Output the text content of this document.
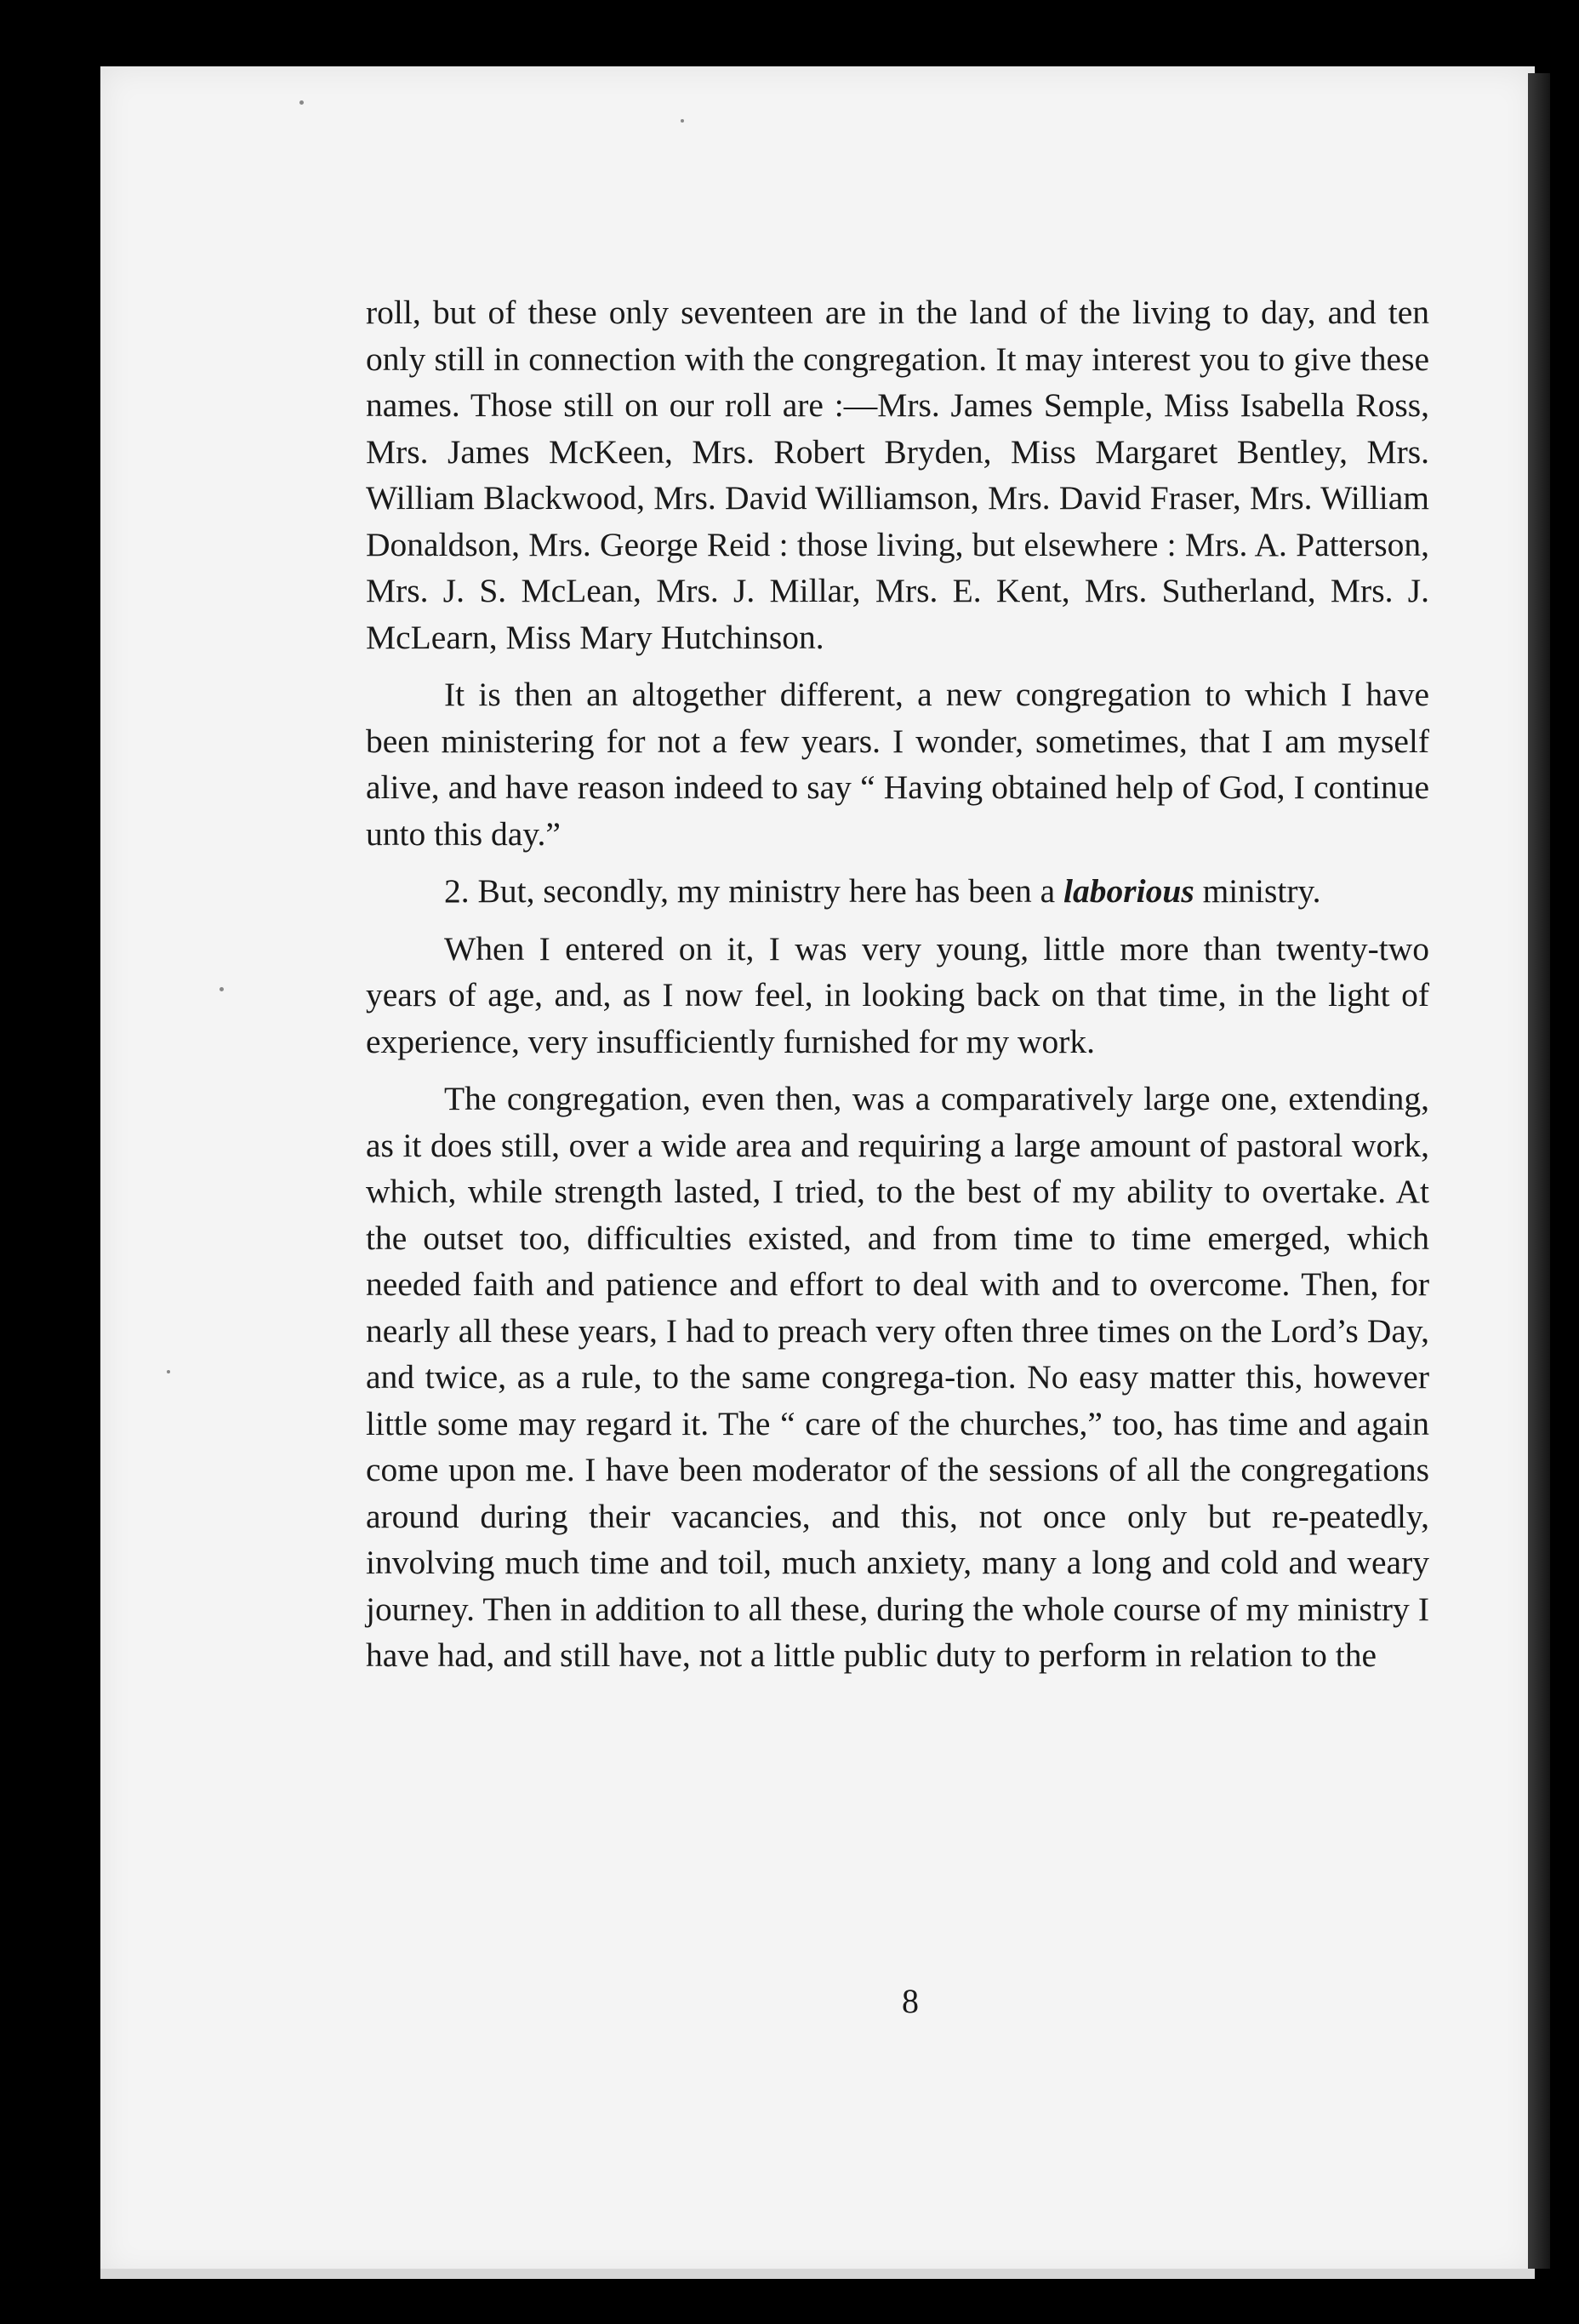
roll, but of these only seventeen are in the land of the living to day, and ten only still in connection with the congregation. It may interest you to give these names. Those still on our roll are :—Mrs. James Semple, Miss Isabella Ross, Mrs. James McKeen, Mrs. Robert Bryden, Miss Margaret Bentley, Mrs. William Blackwood, Mrs. David Williamson, Mrs. David Fraser, Mrs. William Donaldson, Mrs. George Reid : those living, but elsewhere : Mrs. A. Patterson, Mrs. J. S. McLean, Mrs. J. Millar, Mrs. E. Kent, Mrs. Sutherland, Mrs. J. McLearn, Miss Mary Hutchinson.

It is then an altogether different, a new congregation to which I have been ministering for not a few years. I wonder, sometimes, that I am myself alive, and have reason indeed to say “ Having obtained help of God, I continue unto this day.”

2. But, secondly, my ministry here has been a laborious ministry.

When I entered on it, I was very young, little more than twenty-two years of age, and, as I now feel, in looking back on that time, in the light of experience, very insufficiently furnished for my work.

The congregation, even then, was a comparatively large one, extending, as it does still, over a wide area and requiring a large amount of pastoral work, which, while strength lasted, I tried, to the best of my ability to overtake. At the outset too, difficulties existed, and from time to time emerged, which needed faith and patience and effort to deal with and to overcome. Then, for nearly all these years, I had to preach very often three times on the Lord’s Day, and twice, as a rule, to the same congrega-tion. No easy matter this, however little some may regard it. The “ care of the churches,” too, has time and again come upon me. I have been moderator of the sessions of all the congregations around during their vacancies, and this, not once only but re-peatedly, involving much time and toil, much anxiety, many a long and cold and weary journey. Then in addition to all these, during the whole course of my ministry I have had, and still have, not a little public duty to perform in relation to the

8
